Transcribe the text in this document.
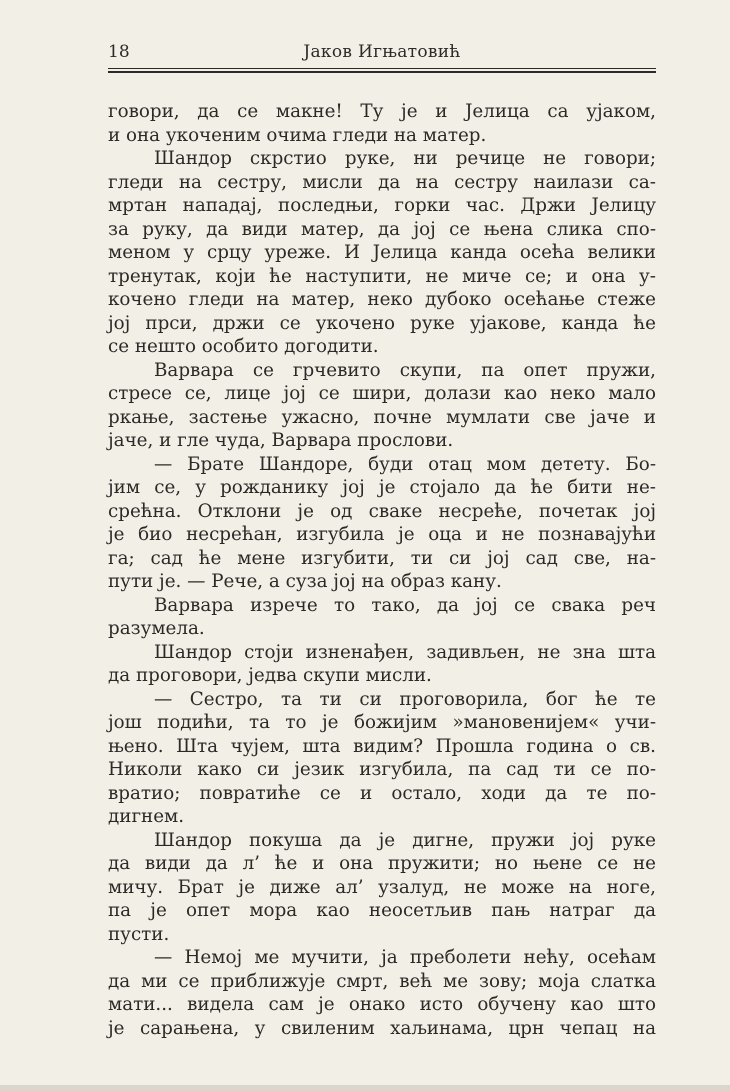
18	Јаков Игњатовић
говори, да се макне! Ту је и Јелица са ујаком,
и она укоченим очима гледи на матер.
Шандор скрстио руке, ни речице не говори;
гледи на сестру, мисли да на сестру наилази са-
мртан нападај, последњи, горки час. Држи Јелицу
за руку, да види матер, да јој се њена слика спо-
меном у срцу уреже. И Јелица канда осећа велики
тренутак, који ће наступити, не миче се; и она у-
кочено гледи на матер, неко дубоко осећање стеже
јој прси, држи се укочено руке ујакове, канда ће
се нешто особито догодити.
Варвара се грчевито скупи, па опет пружи,
стресе се, лице јој се шири, долази као неко мало
ркање, застење ужасно, почне мумлати све јаче и
јаче, и гле чуда, Варвара прослови.
— Брате Шандоре, буди отац мом детету. Бо-
јим се, у рожданику јој је стојало да ће бити не-
срећна. Отклони је од сваке несреће, почетак јој
је био несрећан, изгубила је оца и не познавајући
га; сад ће мене изгубити, ти си јој сад све, на-
пути је. — Рече, а суза јој на образ кану.
Варвара изрече то тако, да јој се свака реч
разумела.
Шандор стоји изненађен, задивљен, не зна шта
да проговори, једва скупи мисли.
— Сестро, та ти си проговорила, бог ће те
још подићи, та то је божијим »мановенијем« учи-
њено. Шта чујем, шта видим? Прошла година о св.
Николи како си језик изгубила, па сад ти се по-
вратио; повратиће се и остало, ходи да те по-
дигнем.
Шандор покуша да је дигне, пружи јој руке
да види да л’ ће и она пружити; но њене се не
мичу. Брат је диже ал’ узалуд, не може на ноге,
па је опет мора као неосетљив пањ натраг да
пусти.
— Немој ме мучити, ја преболети нећу, осећам
да ми се приближује смрт, већ ме зову; моја слатка
мати... видела сам је онако исто обучену као што
је сарањена, у свиленим хаљинама, црн чепац на
